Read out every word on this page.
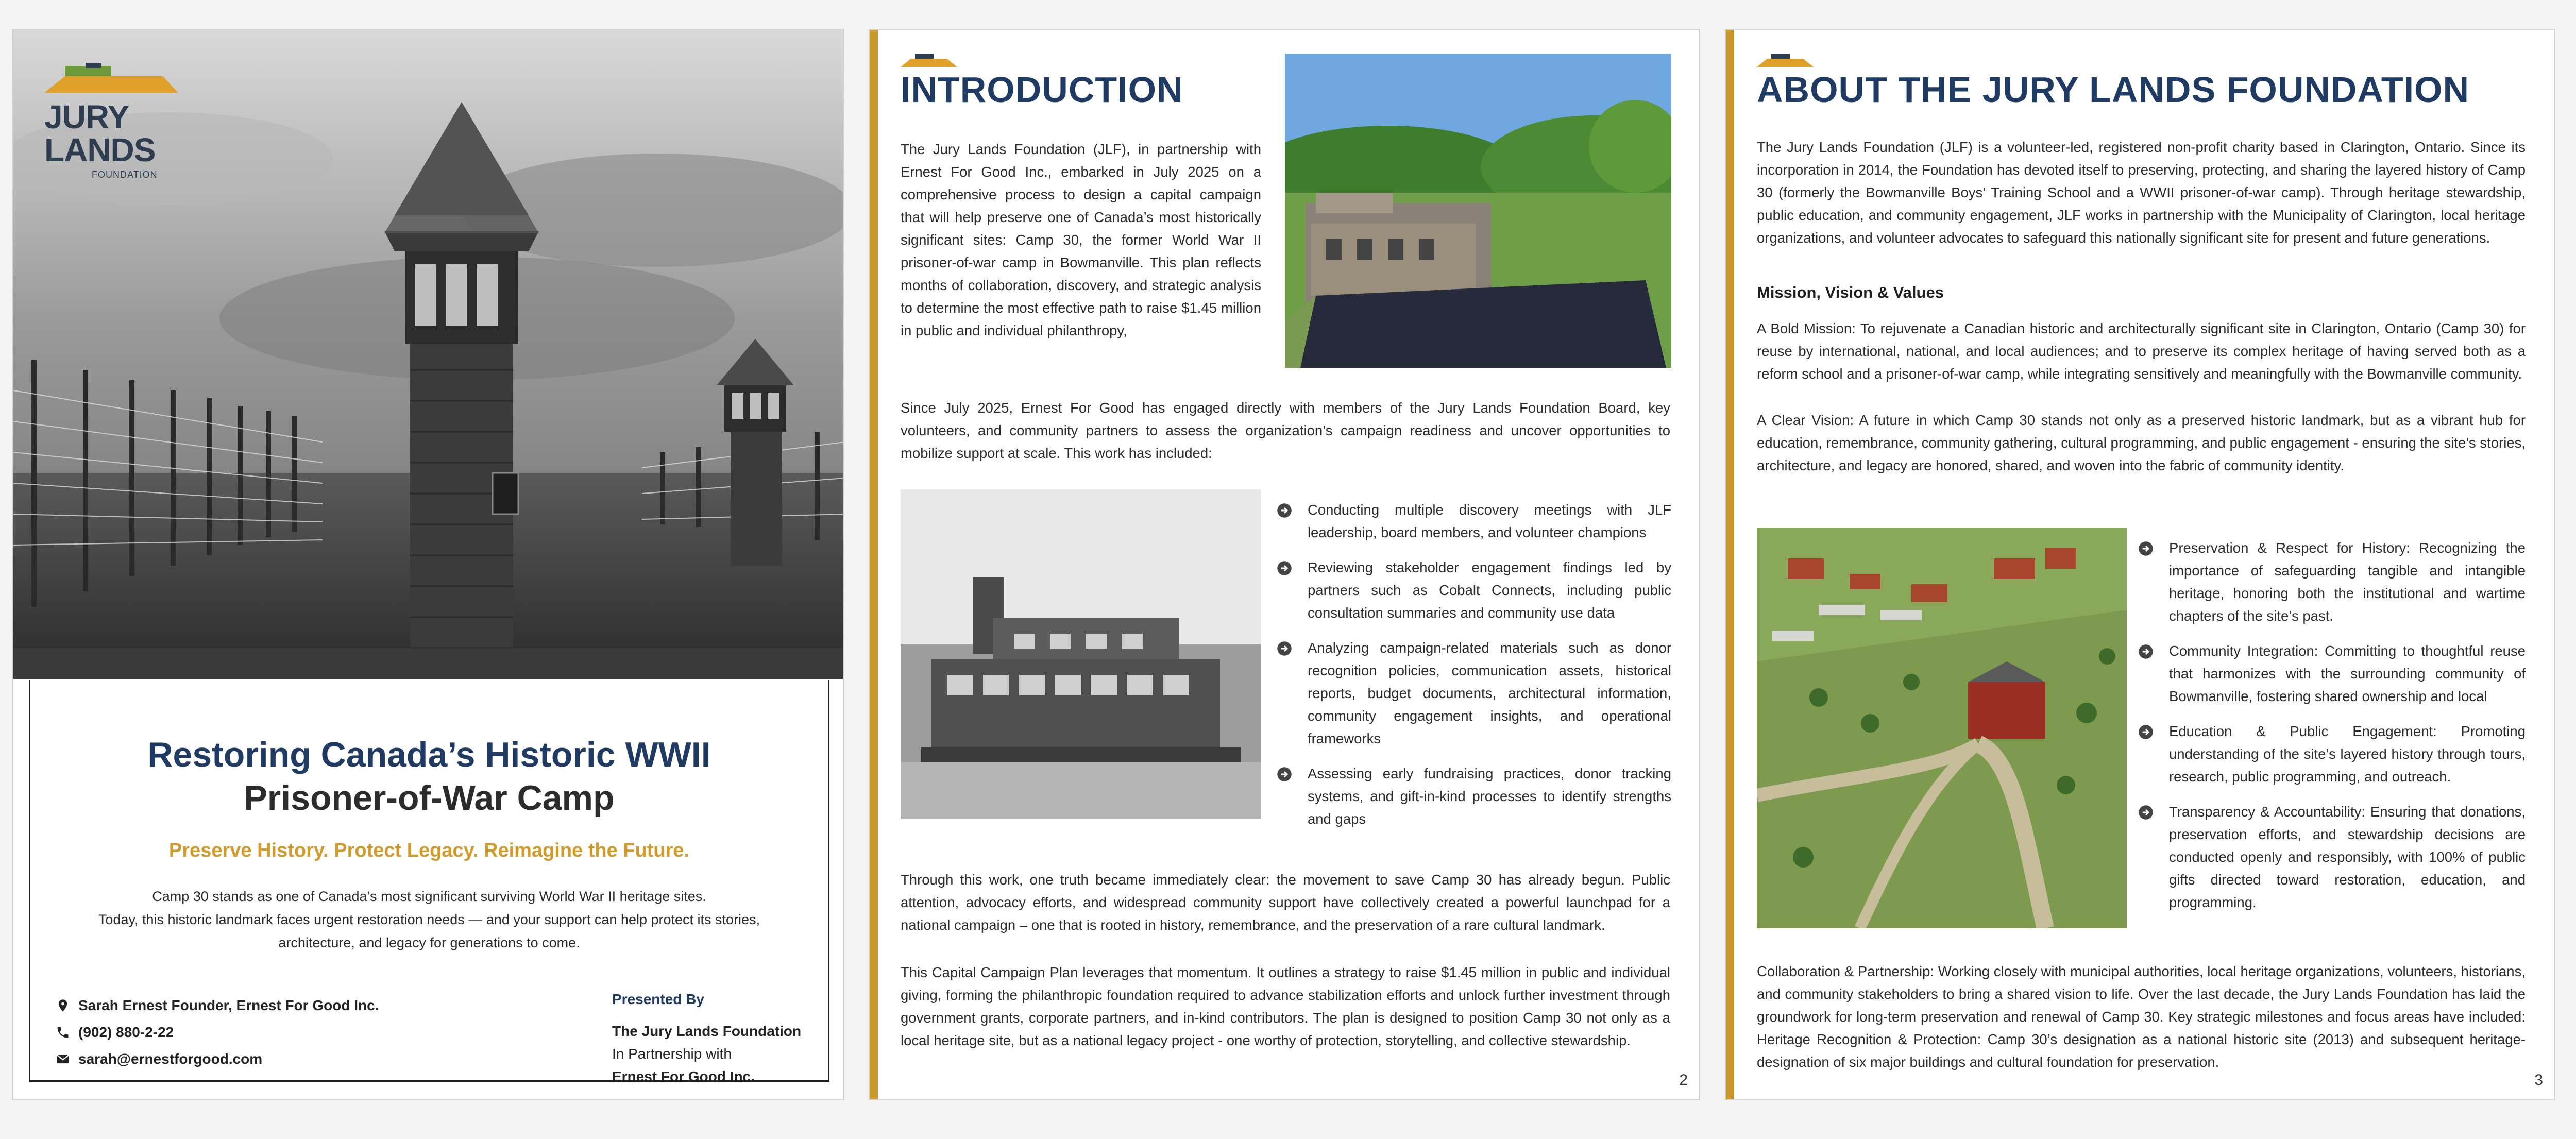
JURY LANDS
FOUNDATION
Restoring Canada’s Historic WWII
Prisoner-of-War Camp
Preserve History. Protect Legacy. Reimagine the Future.
Camp 30 stands as one of Canada’s most significant surviving World War II heritage sites.
Today, this historic landmark faces urgent restoration needs — and your support can help protect its stories,
architecture, and legacy for generations to come.
Sarah Ernest Founder, Ernest For Good Inc.
(902) 880-2-22
sarah@ernestforgood.com
Presented By
The Jury Lands Foundation
In Partnership with
Ernest For Good Inc.
INTRODUCTION
The Jury Lands Foundation (JLF), in partnership with Ernest For Good Inc., embarked in July 2025 on a comprehensive process to design a capital campaign that will help preserve one of Canada’s most historically significant sites: Camp 30, the former World War II prisoner-of-war camp in Bowmanville. This plan reflects months of collaboration, discovery, and strategic analysis to determine the most effective path to raise $1.45 million in public and individual philanthropy,
Since July 2025, Ernest For Good has engaged directly with members of the Jury Lands Foundation Board, key volunteers, and community partners to assess the organization’s campaign readiness and uncover opportunities to mobilize support at scale. This work has included:
Conducting multiple discovery meetings with JLF leadership, board members, and volunteer champions
Reviewing stakeholder engagement findings led by partners such as Cobalt Connects, including public consultation summaries and community use data
Analyzing campaign-related materials such as donor recognition policies, communication assets, historical reports, budget documents, architectural information, community engagement insights, and operational frameworks
Assessing early fundraising practices, donor tracking systems, and gift-in-kind processes to identify strengths and gaps
Through this work, one truth became immediately clear: the movement to save Camp 30 has already begun. Public attention, advocacy efforts, and widespread community support have collectively created a powerful launchpad for a national campaign – one that is rooted in history, remembrance, and the preservation of a rare cultural landmark.
This Capital Campaign Plan leverages that momentum. It outlines a strategy to raise $1.45 million in public and individual giving, forming the philanthropic foundation required to advance stabilization efforts and unlock further investment through government grants, corporate partners, and in-kind contributors. The plan is designed to position Camp 30 not only as a local heritage site, but as a national legacy project - one worthy of protection, storytelling, and collective stewardship.
2
ABOUT THE JURY LANDS FOUNDATION
The Jury Lands Foundation (JLF) is a volunteer-led, registered non-profit charity based in Clarington, Ontario. Since its incorporation in 2014, the Foundation has devoted itself to preserving, protecting, and sharing the layered history of Camp 30 (formerly the Bowmanville Boys’ Training School and a WWII prisoner-of-war camp). Through heritage stewardship, public education, and community engagement, JLF works in partnership with the Municipality of Clarington, local heritage organizations, and volunteer advocates to safeguard this nationally significant site for present and future generations.
Mission, Vision & Values
A Bold Mission: To rejuvenate a Canadian historic and architecturally significant site in Clarington, Ontario (Camp 30) for reuse by international, national, and local audiences; and to preserve its complex heritage of having served both as a reform school and a prisoner-of-war camp, while integrating sensitively and meaningfully with the Bowmanville community.
A Clear Vision: A future in which Camp 30 stands not only as a preserved historic landmark, but as a vibrant hub for education, remembrance, community gathering, cultural programming, and public engagement - ensuring the site’s stories, architecture, and legacy are honored, shared, and woven into the fabric of community identity.
Preservation & Respect for History: Recognizing the importance of safeguarding tangible and intangible heritage, honoring both the institutional and wartime chapters of the site’s past.
Community Integration: Committing to thoughtful reuse that harmonizes with the surrounding community of Bowmanville, fostering shared ownership and local
Education & Public Engagement: Promoting understanding of the site’s layered history through tours, research, public programming, and outreach.
Transparency & Accountability: Ensuring that donations, preservation efforts, and stewardship decisions are conducted openly and responsibly, with 100% of public gifts directed toward restoration, education, and programming.
Collaboration & Partnership: Working closely with municipal authorities, local heritage organizations, volunteers, historians, and community stakeholders to bring a shared vision to life. Over the last decade, the Jury Lands Foundation has laid the groundwork for long-term preservation and renewal of Camp 30. Key strategic milestones and focus areas have included: Heritage Recognition & Protection: Camp 30’s designation as a national historic site (2013) and subsequent heritage-designation of six major buildings and cultural foundation for preservation.
3
